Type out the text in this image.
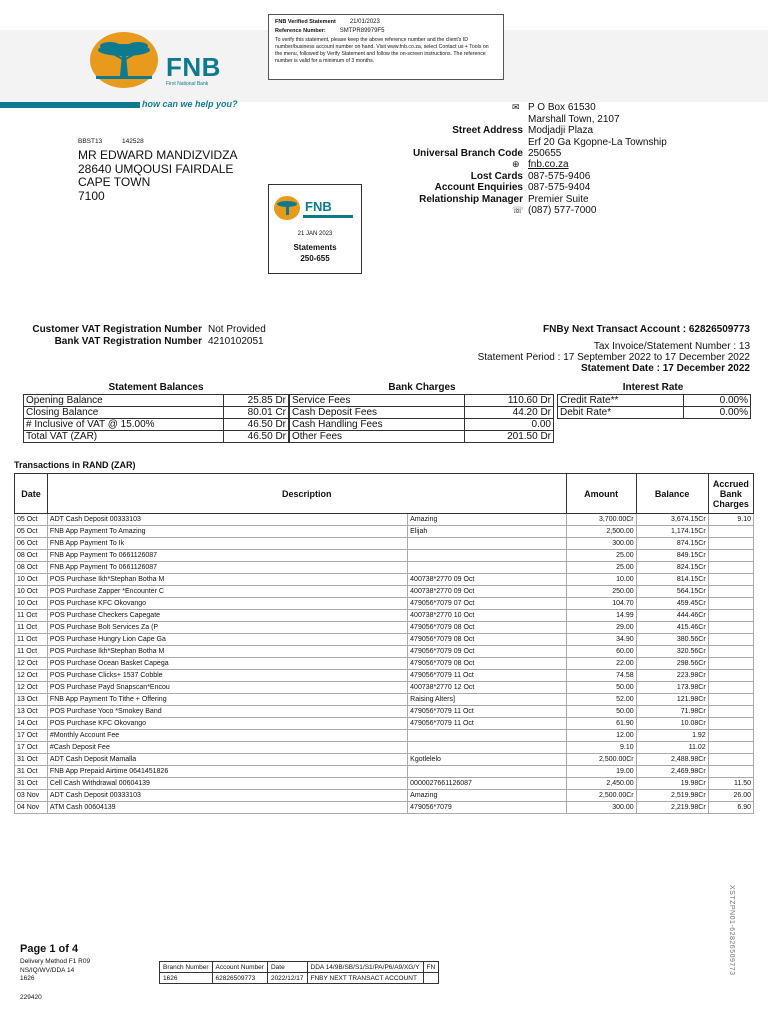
FNB
First National Bank
how can we help you?
FNB Verified Statement 21/01/2023
Reference Number: SMTPR89979F5
To verify this statement, please keep the above reference number and the client's ID number/business account number on hand. Visit www.fnb.co.za, select Contact us + Tools on the menu, followed by Verify Statement and follow the on-screen instructions. The reference number is valid for a minimum of 3 months.
✉ P O Box 61530
Marshall Town, 2107
Street Address Modjadji Plaza
Erf 20 Ga Kgopne-La Township
Universal Branch Code 250655
⊕ fnb.co.za
Lost Cards 087-575-9406
Account Enquiries 087-575-9404
Relationship Manager Premier Suite
☏ (087) 577-7000
BBST13	142528
MR EDWARD MANDIZVIDZA
28640 UMQOUSI FAIRDALE
CAPE TOWN
7100
FNB
21 JAN 2023
Statements
250-655
Customer VAT Registration Number Not Provided
Bank VAT Registration Number 4210102051
FNBy Next Transact Account : 62826509773
Tax Invoice/Statement Number : 13
Statement Period : 17 September 2022 to 17 December 2022
Statement Date : 17 December 2022
Statement Balances	Bank Charges	Interest Rate
Opening Balance	25.85 Dr
Closing Balance	80.01 Cr
# Inclusive of VAT @ 15.00%	46.50 Dr
Total VAT (ZAR)	46.50 Dr
Service Fees	110.60 Dr
Cash Deposit Fees	44.20 Dr
Cash Handling Fees	0.00
Other Fees	201.50 Dr
Credit Rate**	0.00%
Debit Rate*	0.00%
Transactions in RAND (ZAR)
Date	Description		Amount	Balance	Accrued Bank Charges
05 Oct	ADT Cash Deposit 00333103	Amazing	3,700.00Cr	3,674.15Cr	9.10
05 Oct	FNB App Payment To Amazing	Elijah	2,500.00	1,174.15Cr	
06 Oct	FNB App Payment To Ik		300.00	874.15Cr	
08 Oct	FNB App Payment To 0661126087		25.00	849.15Cr	
08 Oct	FNB App Payment To 0661126087		25.00	824.15Cr	
10 Oct	POS Purchase Ikh*Stephan Botha M	400738*2770 09 Oct	10.00	814.15Cr	
10 Oct	POS Purchase Zapper *Encounter C	400738*2770 09 Oct	250.00	564.15Cr	
10 Oct	POS Purchase KFC Okovango	479056*7079 07 Oct	104.70	459.45Cr	
11 Oct	POS Purchase Checkers Capegate	400738*2770 10 Oct	14.99	444.46Cr	
11 Oct	POS Purchase Bolt Services Za (P	479056*7079 08 Oct	29.00	415.46Cr	
11 Oct	POS Purchase Hungry Lion Cape Ga	479056*7079 08 Oct	34.90	380.56Cr	
11 Oct	POS Purchase Ikh*Stephan Botha M	479056*7079 09 Oct	60.00	320.56Cr	
12 Oct	POS Purchase Ocean Basket Capega	479056*7079 08 Oct	22.00	298.56Cr	
12 Oct	POS Purchase Clicks+ 1537 Cobble	479056*7079 11 Oct	74.58	223.98Cr	
12 Oct	POS Purchase Payd Snapscan*Encou	400738*2770 12 Oct	50.00	173.98Cr	
13 Oct	FNB App Payment To Tithe + Offering	Raising Alters]	52.00	121.98Cr	
13 Oct	POS Purchase Yoco *Smokey Band	479056*7079 11 Oct	50.00	71.98Cr	
14 Oct	POS Purchase KFC Okovango	479056*7079 11 Oct	61.90	10.08Cr	
17 Oct	#Monthly Account Fee		12.00	1.92	
17 Oct	#Cash Deposit Fee		9.10	11.02	
31 Oct	ADT Cash Deposit Mamalla	Kgotlelelo	2,500.00Cr	2,488.98Cr	
31 Oct	FNB App Prepaid Airtime 0641451826		19.00	2,469.98Cr	
31 Oct	Cell Cash Withdrawal 00604139	0000027661126087	2,450.00	19.98Cr	11.50
03 Nov	ADT Cash Deposit 00333103	Amazing	2,500.00Cr	2,519.98Cr	26.00
04 Nov	ATM Cash 00604139	479056*7079	300.00	2,219.98Cr	6.90
XSTZPN01-62826509773
Page 1 of 4
Delivery Method F1 R09
NS/IQ/WV/DDA 14
1626
229420
Branch Number	Account Number	Date	DDA 14/9B/SB/S1/S1/PA/P6/A9/XG/Y	FN
1626	62826509773	2022/12/17	FNBY NEXT TRANSACT ACCOUNT	
